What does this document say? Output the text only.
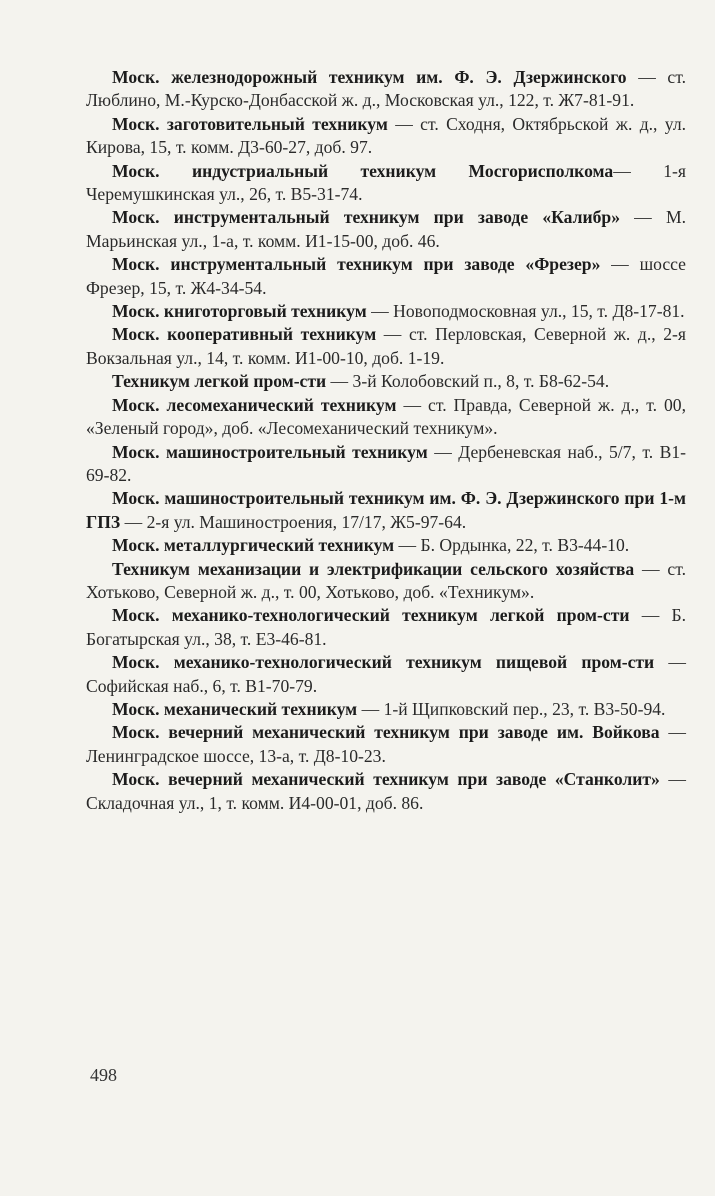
Моск. железнодорожный техникум им. Ф. Э. Дзержинского — ст. Люблино, М.-Курско-Донбасской ж. д., Московская ул., 122, т. Ж7-81-91.

Моск. заготовительный техникум — ст. Сходня, Октябрьской ж. д., ул. Кирова, 15, т. комм. Д3-60-27, доб. 97.

Моск. индустриальный техникум Мосгорисполкома— 1-я Черемушкинская ул., 26, т. В5-31-74.

Моск. инструментальный техникум при заводе «Калибр» — М. Марьинская ул., 1-а, т. комм. И1-15-00, доб. 46.

Моск. инструментальный техникум при заводе «Фрезер» — шоссе Фрезер, 15, т. Ж4-34-54.

Моск. книготорговый техникум — Новоподмосковная ул., 15, т. Д8-17-81.

Моск. кооперативный техникум — ст. Перловская, Северной ж. д., 2-я Вокзальная ул., 14, т. комм. И1-00-10, доб. 1-19.

Техникум легкой пром-сти — 3-й Колобовский п., 8, т. Б8-62-54.

Моск. лесомеханический техникум — ст. Правда, Северной ж. д., т. 00, «Зеленый город», доб. «Лесомеханический техникум».

Моск. машиностроительный техникум — Дербеневская наб., 5/7, т. В1-69-82.

Моск. машиностроительный техникум им. Ф. Э. Дзержинского при 1-м ГПЗ — 2-я ул. Машиностроения, 17/17, Ж5-97-64.

Моск. металлургический техникум — Б. Ордынка, 22, т. В3-44-10.

Техникум механизации и электрификации сельского хозяйства — ст. Хотьково, Северной ж. д., т. 00, Хотьково, доб. «Техникум».

Моск. механико-технологический техникум легкой пром-сти — Б. Богатырская ул., 38, т. Е3-46-81.

Моск. механико-технологический техникум пищевой пром-сти — Софийская наб., 6, т. В1-70-79.

Моск. механический техникум — 1-й Щипковский пер., 23, т. В3-50-94.

Моск. вечерний механический техникум при заводе им. Войкова — Ленинградское шоссе, 13-а, т. Д8-10-23.

Моск. вечерний механический техникум при заводе «Станколит» — Складочная ул., 1, т. комм. И4-00-01, доб. 86.

498
